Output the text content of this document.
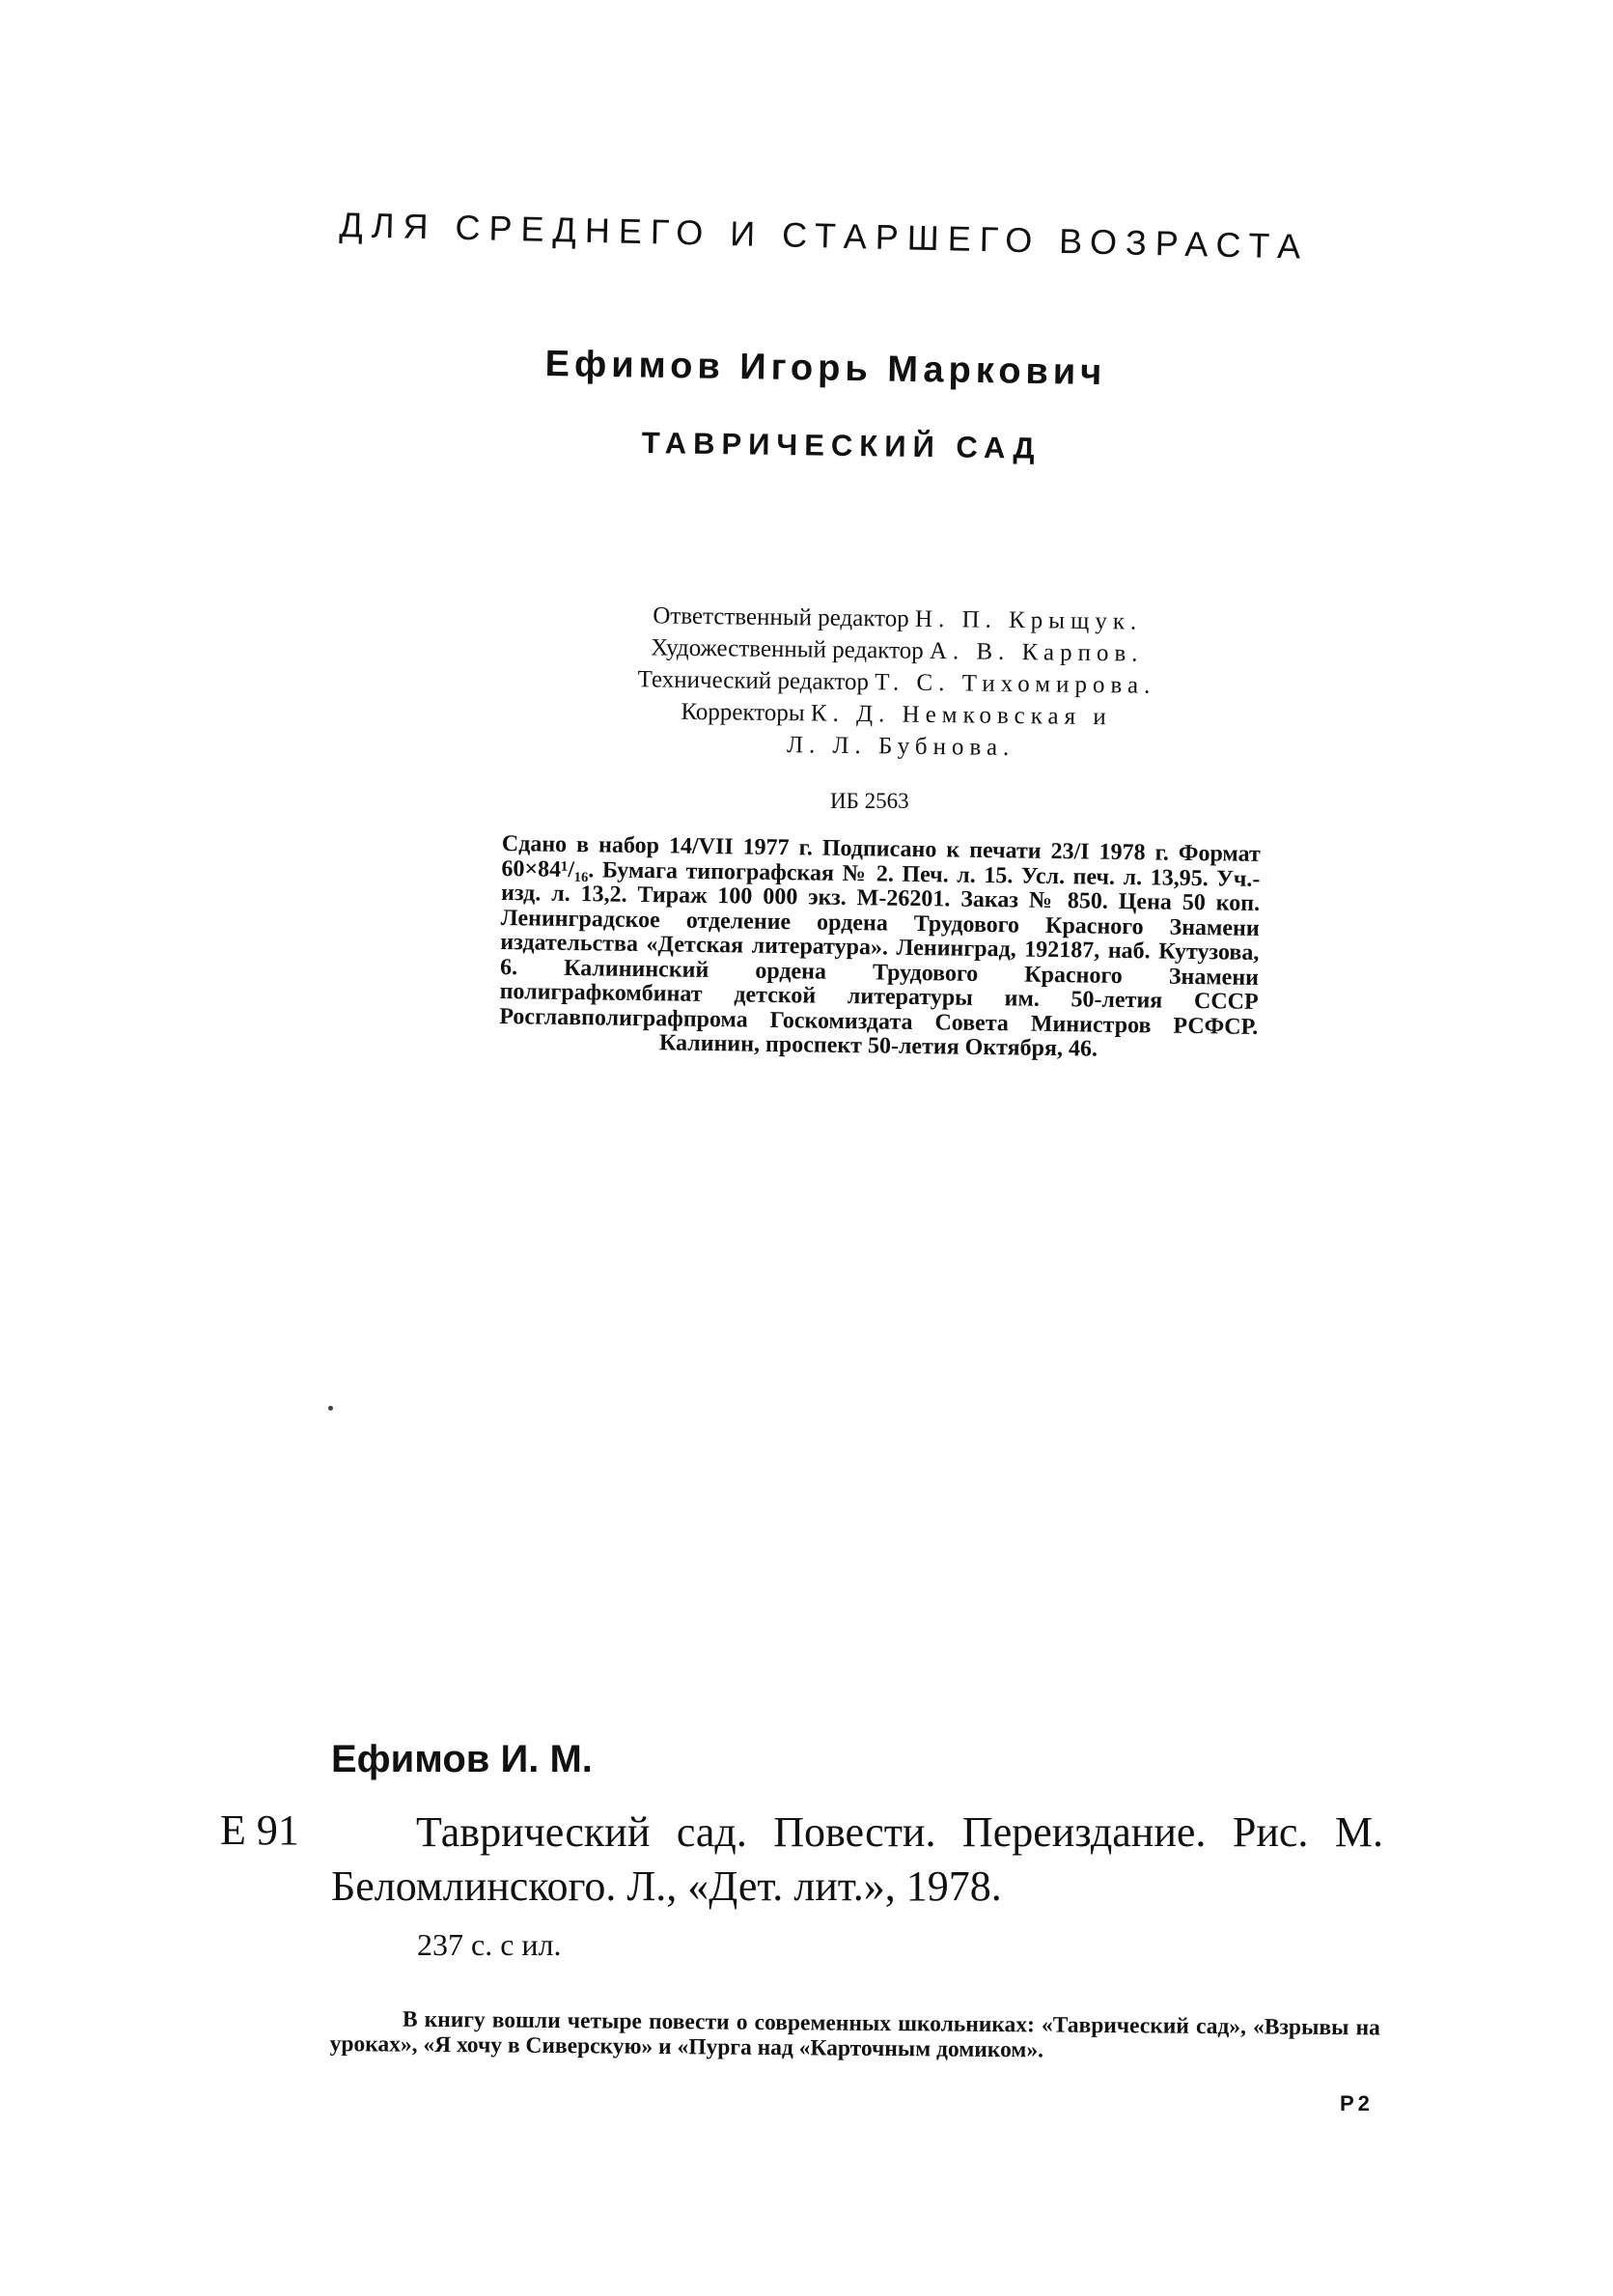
ДЛЯ СРЕДНЕГО И СТАРШЕГО ВОЗРАСТА
Ефимов Игорь Маркович
ТАВРИЧЕСКИЙ САД
Ответственный редактор Н. П. Крыщук.
Художественный редактор А. В. Карпов.
Технический редактор Т. С. Тихомирова.
Корректоры К. Д. Немковская и
Л. Л. Бубнова.
ИБ 2563
Сдано в набор 14/VII 1977 г. Подписано к печати 23/I 1978 г. Формат 60×84¹/₁₆. Бумага типографская № 2. Печ. л. 15. Усл. печ. л. 13,95. Уч.-изд. л. 13,2. Тираж 100 000 экз. М-26201. Заказ № 850. Цена 50 коп. Ленинградское отделение ордена Трудового Красного Знамени издательства «Детская литература». Ленинград, 192187, наб. Кутузова, 6. Калининский ордена Трудового Красного Знамени полиграфкомбинат детской литературы им. 50-летия СССР Росглавполиграфпрома Госкомиздата Совета Министров РСФСР. Калинин, проспект 50-летия Октября, 46.
Ефимов И. М.
Е 91	Таврический сад. Повести. Переиздание. Рис. М. Беломлинского. Л., «Дет. лит.», 1978.
237 с. с ил.
В книгу вошли четыре повести о современных школьниках: «Таврический сад», «Взрывы на уроках», «Я хочу в Сиверскую» и «Пурга над «Карточным домиком».
Р2
